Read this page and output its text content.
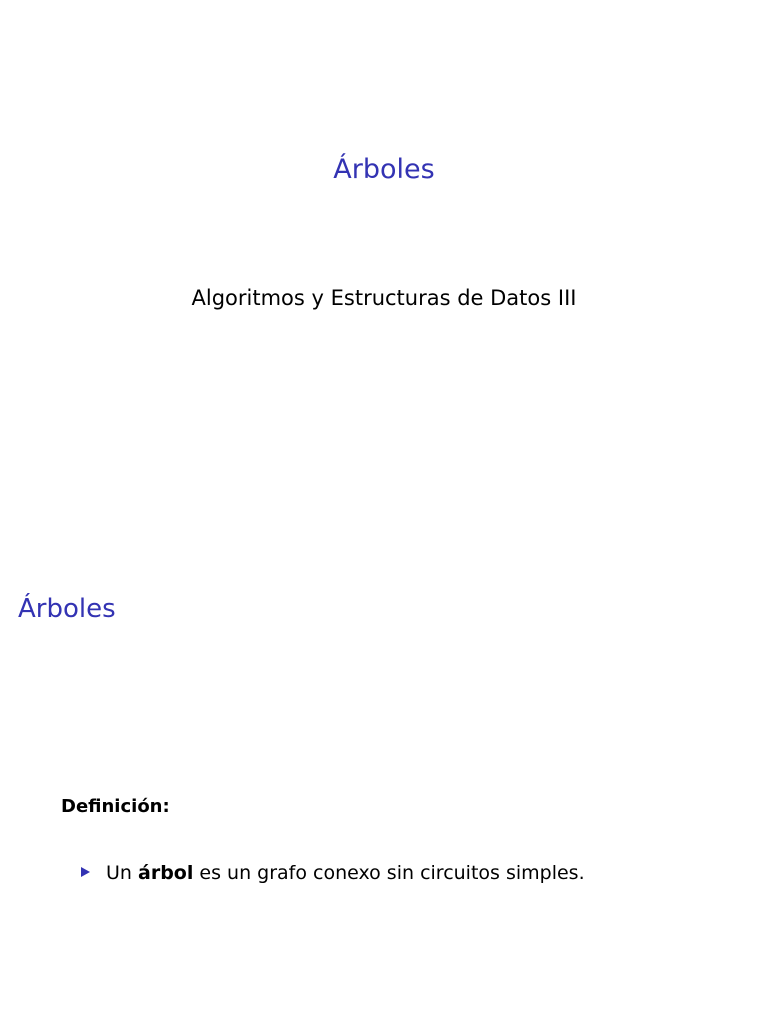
Árboles
Algoritmos y Estructuras de Datos III
Árboles
Definición:
Un árbol es un grafo conexo sin circuitos simples.
